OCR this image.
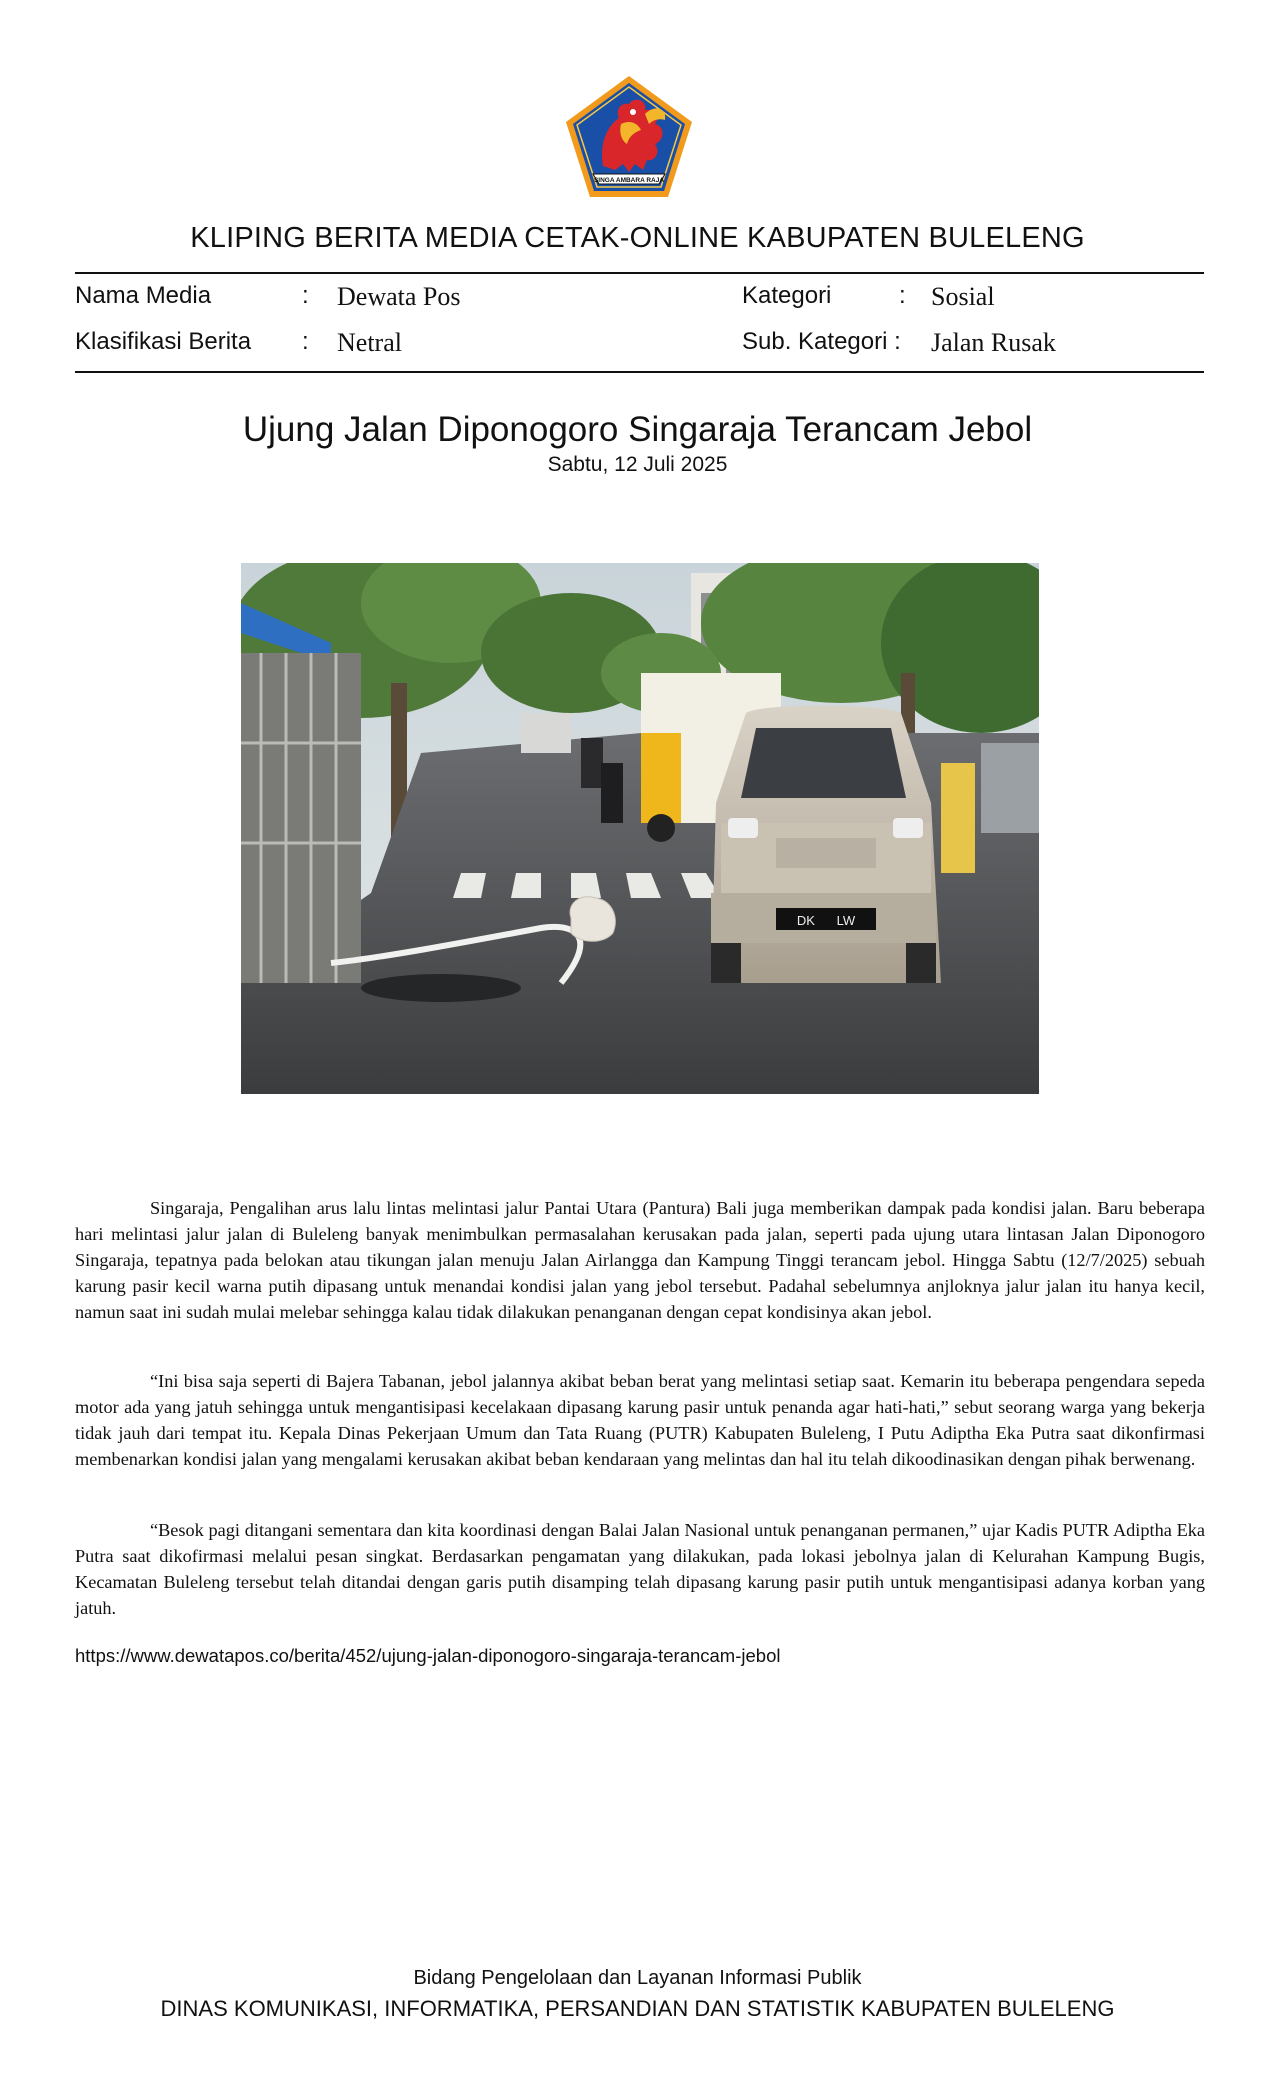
SINGA AMBARA RAJA
KLIPING BERITA MEDIA CETAK-ONLINE KABUPATEN BULELENG
Nama Media	: Dewata Pos
Klasifikasi Berita : Netral
Kategori	: Sosial
Sub. Kategori : Jalan Rusak
Ujung Jalan Diponogoro Singaraja Terancam Jebol
Sabtu, 12 Juli 2025
DK      LW

Singaraja, Pengalihan arus lalu lintas melintasi jalur Pantai Utara (Pantura) Bali juga memberikan dampak pada kondisi jalan. Baru beberapa hari melintasi jalur jalan di Buleleng banyak menimbulkan permasalahan kerusakan pada jalan, seperti pada ujung utara lintasan Jalan Diponogoro Singaraja, tepatnya pada belokan atau tikungan jalan menuju Jalan Airlangga dan Kampung Tinggi terancam jebol. Hingga Sabtu (12/7/2025) sebuah karung pasir kecil warna putih dipasang untuk menandai kondisi jalan yang jebol tersebut. Padahal sebelumnya anjloknya jalur jalan itu hanya kecil, namun saat ini sudah mulai melebar sehingga kalau tidak dilakukan penanganan dengan cepat kondisinya akan jebol.

“Ini bisa saja seperti di Bajera Tabanan, jebol jalannya akibat beban berat yang melintasi setiap saat. Kemarin itu beberapa pengendara sepeda motor ada yang jatuh sehingga untuk mengantisipasi kecelakaan dipasang karung pasir untuk penanda agar hati-hati,” sebut seorang warga yang bekerja tidak jauh dari tempat itu. Kepala Dinas Pekerjaan Umum dan Tata Ruang (PUTR) Kabupaten Buleleng, I Putu Adiptha Eka Putra saat dikonfirmasi membenarkan kondisi jalan yang mengalami kerusakan akibat beban kendaraan yang melintas dan hal itu telah dikoodinasikan dengan pihak berwenang.

“Besok pagi ditangani sementara dan kita koordinasi dengan Balai Jalan Nasional untuk penanganan permanen,” ujar Kadis PUTR Adiptha Eka Putra saat dikofirmasi melalui pesan singkat. Berdasarkan pengamatan yang dilakukan, pada lokasi jebolnya jalan di Kelurahan Kampung Bugis, Kecamatan Buleleng tersebut telah ditandai dengan garis putih disamping telah dipasang karung pasir putih untuk mengantisipasi adanya korban yang jatuh.

https://www.dewatapos.co/berita/452/ujung-jalan-diponogoro-singaraja-terancam-jebol
Bidang Pengelolaan dan Layanan Informasi Publik
DINAS KOMUNIKASI, INFORMATIKA, PERSANDIAN DAN STATISTIK KABUPATEN BULELENG
